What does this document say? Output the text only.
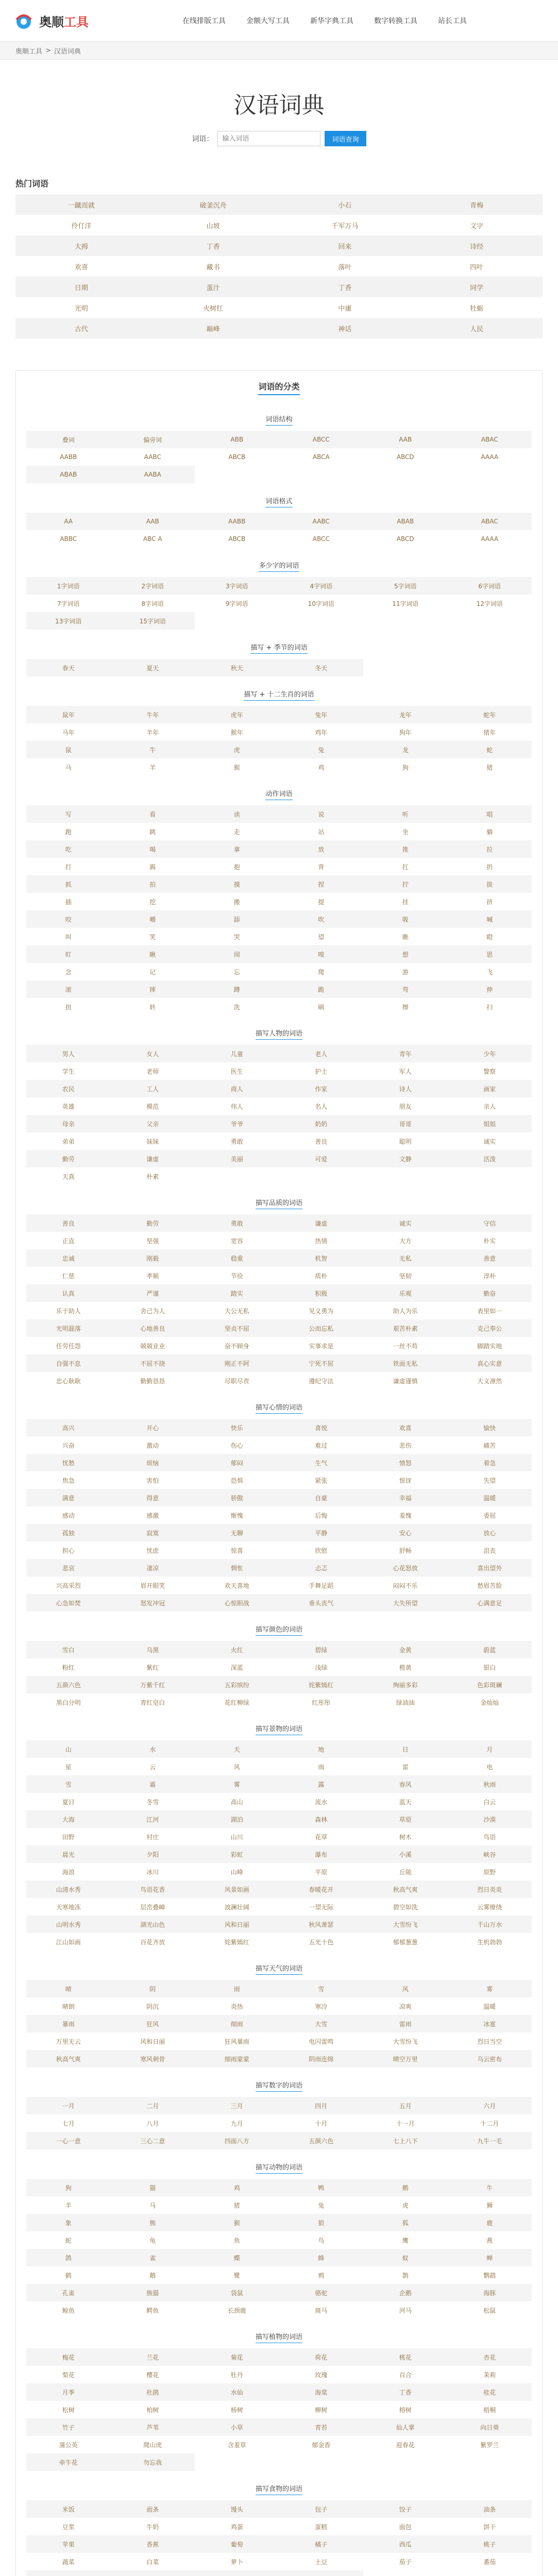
奥顺工具	在线排版工具	金额大写工具	新华字典工具	数字转换工具	站长工具
奥顺工具 > 汉语词典
汉语词典
词语：
输入词语	词语查询
热门词语
一蹴而就	破釜沉舟	小石	青梅
伶仃洋	山坡	千军万马	文字
大拇	丁香	回来	诗经
欢喜	藏书	落叶	四叶
日期	蛋汁	丁香	同学
光明	火树红	中庸	牡蛎
古代	巅峰	神话	人民
词语的分类
词语结构
叠词	偏旁词	ABB	ABCC	AAB	ABAC
AABB	AABC	ABCB	ABCA	ABCD	AAAA
ABAB	AABA
词语格式
AA	AAB	AABB	AABC	ABAB	ABAC
ABBC	ABC A	ABCB	ABCC	ABCD	AAAA
多少字的词语
1字词语	2字词语	3字词语	4字词语	5字词语	6字词语
7字词语	8字词语	9字词语	10字词语	11字词语	12字词语
13字词语	15字词语
描写 + 季节的词语
春天	夏天	秋天	冬天
描写 + 十二生肖的词语
鼠年	牛年	虎年	兔年	龙年	蛇年
马年	羊年	猴年	鸡年	狗年	猪年
鼠	牛	虎	兔	龙	蛇
马	羊	猴	鸡	狗	猪
动作词语
写	看	读	说	听	唱
跑	跳	走	站	坐	躺
吃	喝	拿	放	推	拉
打	踢	抱	背	扛	扔
抓	拍	摸	捏	拧	拔
插	挖	搬	提	挂	挤
咬	嚼	舔	吹	吸	喊
叫	笑	哭	望	瞧	瞪
盯	瞅	闻	嗅	想	思
念	记	忘	爬	游	飞
滚	摔	蹲	跪	弯	伸
扭	转	洗	刷	擦	扫
描写人物的词语
男人	女人	儿童	老人	青年	少年
学生	老师	医生	护士	军人	警察
农民	工人	商人	作家	诗人	画家
英雄	模范	伟人	名人	朋友	亲人
母亲	父亲	爷爷	奶奶	哥哥	姐姐
弟弟	妹妹	勇敢	善良	聪明	诚实
勤劳	谦虚	美丽	可爱	文静	活泼
天真	朴素
描写品质的词语
善良	勤劳	勇敢	谦虚	诚实	守信
正直	坚强	宽容	热情	大方	朴实
忠诚	刚毅	稳重	机智	无私	善意
仁慈	孝顺	节俭	质朴	坚韧	淳朴
认真	严谨	踏实	积极	乐观	勤奋
乐于助人	舍己为人	大公无私	见义勇为	助人为乐	表里如一
光明磊落	心地善良	坚贞不屈	公而忘私	艰苦朴素	克己奉公
任劳任怨	兢兢业业	奋不顾身	实事求是	一丝不苟	脚踏实地
自强不息	不屈不挠	刚正不阿	宁死不屈	铁面无私	真心实意
忠心耿耿	勤勤恳恳	尽职尽责	遵纪守法	谦虚谨慎	大义凛然
描写心情的词语
高兴	开心	快乐	喜悦	欢喜	愉快
兴奋	激动	伤心	难过	悲伤	痛苦
忧愁	烦恼	郁闷	生气	愤怒	着急
焦急	害怕	恐惧	紧张	惊讶	失望
满意	得意	骄傲	自豪	幸福	温暖
感动	感激	惭愧	后悔	羞愧	委屈
孤独	寂寞	无聊	平静	安心	放心
担心	忧虑	惊喜	欣慰	舒畅	沮丧
悲哀	凄凉	惆怅	忐忑	心花怒放	喜出望外
兴高采烈	眉开眼笑	欢天喜地	手舞足蹈	闷闷不乐	愁眉苦脸
心急如焚	怒发冲冠	心惊胆战	垂头丧气	大失所望	心满意足
描写颜色的词语
雪白	乌黑	火红	碧绿	金黄	蔚蓝
粉红	紫红	深蓝	浅绿	橙黄	银白
五颜六色	万紫千红	五彩缤纷	姹紫嫣红	绚丽多彩	色彩斑斓
黑白分明	青红皂白	花红柳绿	红彤彤	绿油油	金灿灿
描写景物的词语
山	水	天	地	日	月
星	云	风	雨	雷	电
雪	霜	雾	露	春风	秋雨
夏日	冬雪	高山	流水	蓝天	白云
大海	江河	湖泊	森林	草原	沙漠
田野	村庄	山川	花草	树木	鸟语
晨光	夕阳	彩虹	瀑布	小溪	峡谷
海浪	冰川	山峰	平原	丘陵	原野
山清水秀	鸟语花香	风景如画	春暖花开	秋高气爽	烈日炎炎
天寒地冻	层峦叠嶂	波澜壮阔	一望无际	碧空如洗	云雾缭绕
山明水秀	湖光山色	风和日丽	秋风萧瑟	大雪纷飞	千山万水
江山如画	百花齐放	姹紫嫣红	五光十色	郁郁葱葱	生机勃勃
描写天气的词语
晴	阴	雨	雪	风	雾
晴朗	阴沉	炎热	寒冷	凉爽	温暖
暴雨	狂风	细雨	大雪	雷雨	冰雹
万里无云	风和日丽	狂风暴雨	电闪雷鸣	大雪纷飞	烈日当空
秋高气爽	寒风刺骨	细雨蒙蒙	阴雨连绵	晴空万里	乌云密布
描写数字的词语
一月	二月	三月	四月	五月	六月
七月	八月	九月	十月	十一月	十二月
一心一意	三心二意	四面八方	五颜六色	七上八下	九牛一毛
描写动物的词语
狗	猫	鸡	鸭	鹅	牛
羊	马	猪	兔	虎	狮
象	熊	猴	狼	狐	鹿
蛇	龟	鱼	鸟	鹰	燕
鸽	雀	蝶	蜂	蚁	蝉
鹤	鹅	鹭	鸦	鹊	鹦鹉
孔雀	熊猫	袋鼠	骆驼	企鹅	海豚
鲸鱼	鳄鱼	长颈鹿	斑马	河马	松鼠
描写植物的词语
梅花	兰花	菊花	荷花	桃花	杏花
梨花	樱花	牡丹	玫瑰	百合	茉莉
月季	杜鹃	水仙	海棠	丁香	桂花
松树	柏树	杨树	柳树	榕树	梧桐
竹子	芦苇	小草	青苔	仙人掌	向日葵
蒲公英	爬山虎	含羞草	郁金香	迎春花	紫罗兰
牵牛花	勿忘我
描写食物的词语
米饭	面条	馒头	包子	饺子	油条
豆浆	牛奶	鸡蛋	蛋糕	面包	饼干
苹果	香蕉	葡萄	橘子	西瓜	桃子
蔬菜	白菜	萝卜	土豆	茄子	番茄
